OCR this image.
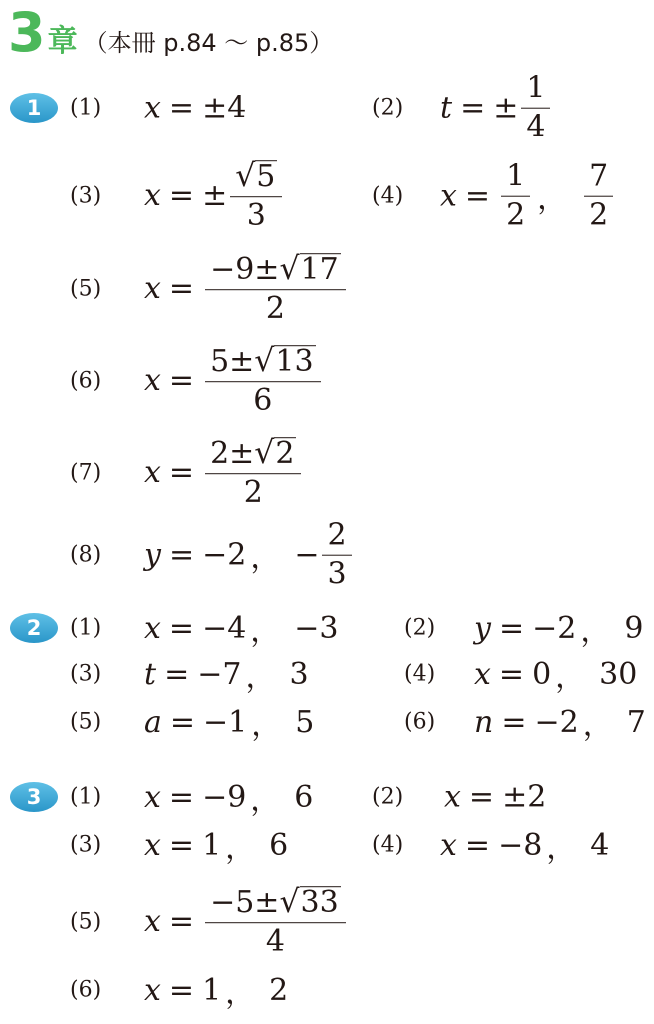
3 章 （本冊 p.84 〜 p.85）
1	(1) x = ± 4	(2) t = ± $\frac{1}{4}$
(3) x = ± $\frac{√ 5}{3}$	(4) $x = \frac{1}{2}$ ， $\frac{7}{2}$
(5) $x = \frac{-9\pm √ 17}{2}$
(6) $x = \frac{5\pm √ 13}{6}$
(7) $x = \frac{2\pm √ 2}{2}$
(8) y = −2 ， − $\frac{2}{3}$
2	(1) x = −4 ， −3	(2) y = −2 ， 9
(3) t = −7 ， 3	(4) x = 0 ， 30
(5) a = −1 ， 5	(6) n = −2 ， 7
3	(1) x = −9 ， 6	(2) x = ± 2
(3) x = 1 ， 6	(4) x = −8 ， 4
(5) $x = \frac{-5\pm √ 33}{4}$
(6) x = 1 ， 2
